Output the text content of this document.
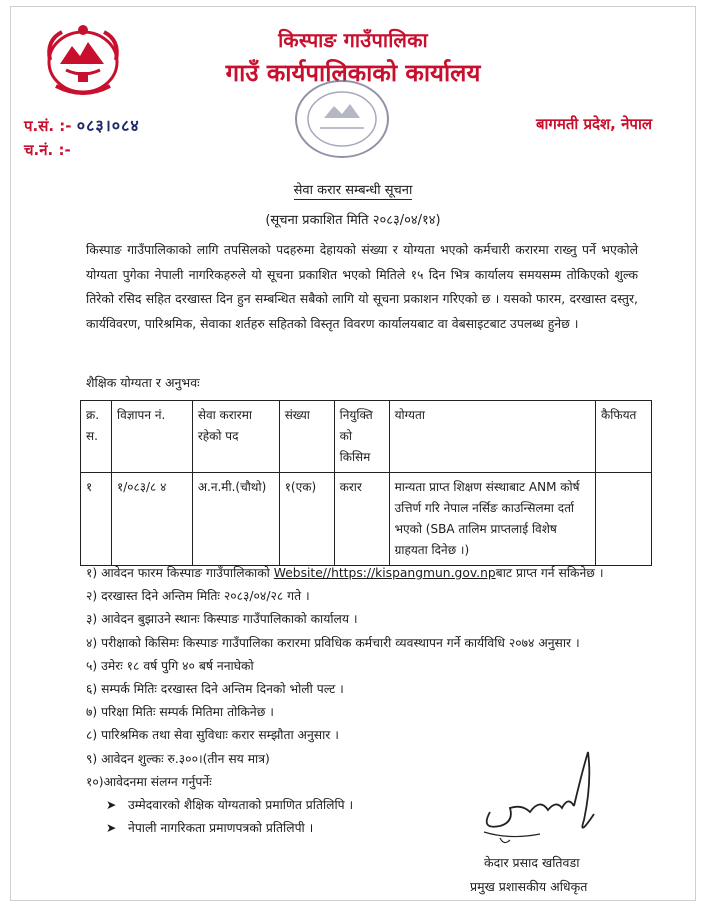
किस्पाङ गाउँपालिका
गाउँ कार्यपालिकाको कार्यालय
प.सं. :- ०८३।०८४
च.नं. :-
बागमती प्रदेश, नेपाल
सेवा करार सम्बन्धी सूचना
(सूचना प्रकाशित मिति २०८३/०४/१४)
किस्पाङ गाउँपालिकाको लागि तपसिलको पदहरुमा देहायको संख्या र योग्यता भएको कर्मचारी करारमा राख्नु पर्ने भएकोले योग्यता पुगेका नेपाली नागरिकहरुले यो सूचना प्रकाशित भएको मितिले १५ दिन भित्र कार्यालय समयसम्म तोकिएको शुल्क तिरेको रसिद सहित दरखास्त दिन हुन सम्बन्धित सबैको लागि यो सूचना प्रकाशन गरिएको छ । यसको फारम, दरखास्त दस्तुर, कार्यविवरण, पारिश्रमिक, सेवाका शर्तहरु सहितको विस्तृत विवरण कार्यालयबाट वा वेबसाइटबाट उपलब्ध हुनेछ ।
शैक्षिक योग्यता र अनुभवः
क्र. स.	विज्ञापन नं.	सेवा करारमा रहेको पद	संख्या	नियुक्ति को किसिम	योग्यता	कैफियत
१	१/०८३/८ ४	अ.न.मी.(चौथो)	१(एक)	करार	मान्यता प्राप्त शिक्षण संस्थाबाट ANM कोर्ष उत्तिर्ण गरि नेपाल नर्सिङ काउन्सिलमा दर्ता भएको (SBA तालिम प्राप्तलाई विशेष ग्राहयता दिनेछ ।)	
१) आवेदन फारम किस्पाङ गाउँपालिकाको Website//https://kispangmun.gov.npबाट प्राप्त गर्न सकिनेछ ।
२) दरखास्त दिने अन्तिम मितिः २०८३/०४/२८ गते ।
३) आवेदन बुझाउने स्थानः किस्पाङ गाउँपालिकाको कार्यालय ।
४) परीक्षाको किसिमः किस्पाङ गाउँपालिका करारमा प्रविधिक कर्मचारी व्यवस्थापन गर्ने कार्यविधि २०७४ अनुसार ।
५) उमेरः १८ वर्ष पुगि ४० बर्ष ननाघेको
६) सम्पर्क मितिः दरखास्त दिने अन्तिम दिनको भोली पल्ट ।
७) परिक्षा मितिः सम्पर्क मितिमा तोकिनेछ ।
८) पारिश्रमिक तथा सेवा सुविधाः करार सम्झौता अनुसार ।
९) आवेदन शुल्कः रु.३००।(तीन सय मात्र)
१०)आवेदनमा संलग्न गर्नुपर्नेः
➤ उम्मेदवारको शैक्षिक योग्यताको प्रमाणित प्रतिलिपि ।
➤ नेपाली नागरिकता प्रमाणपत्रको प्रतिलिपी ।
केदार प्रसाद खतिवडा
प्रमुख प्रशासकीय अधिकृत
